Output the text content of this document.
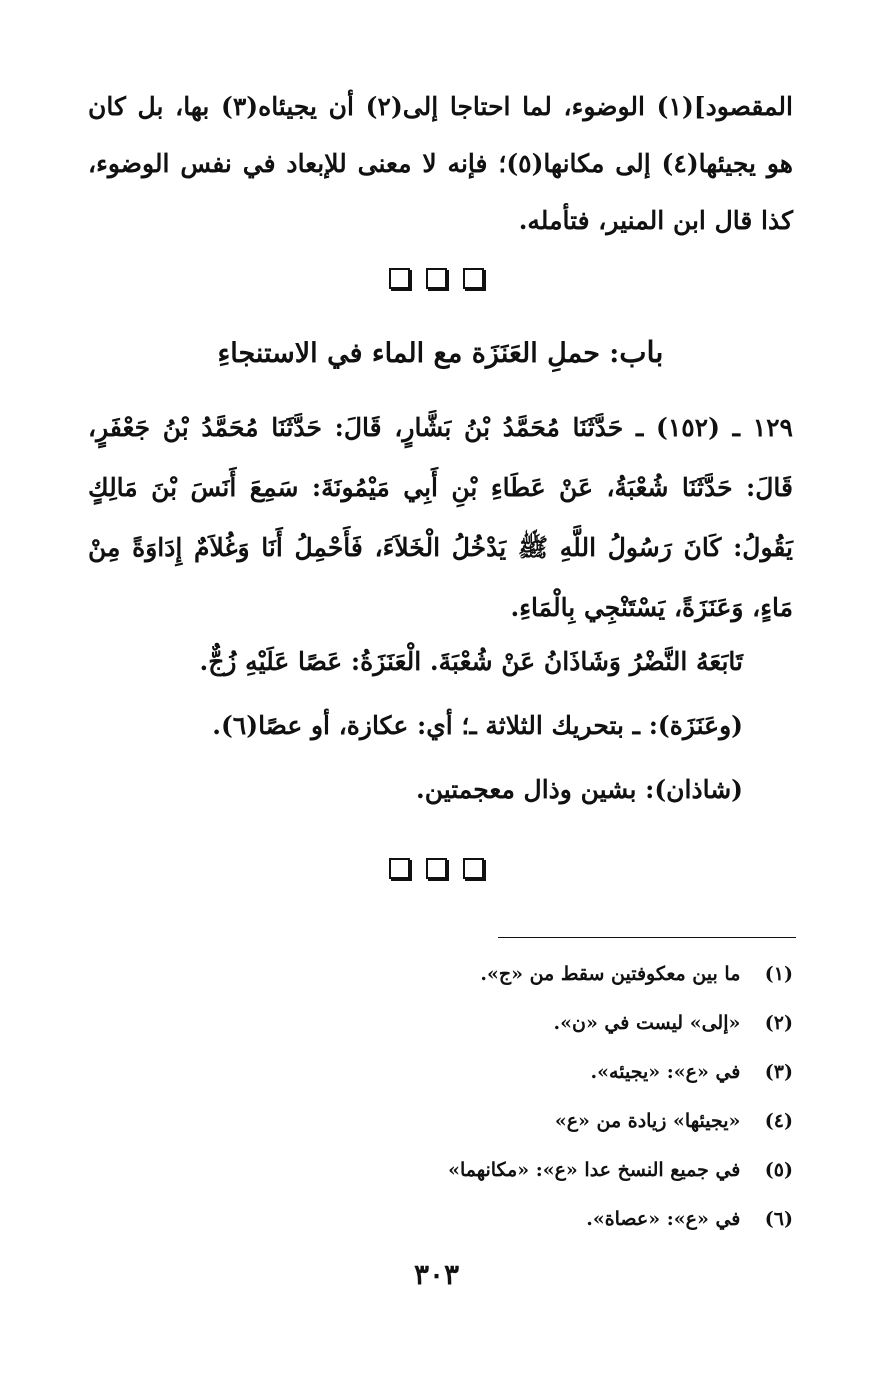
المقصود](١) الوضوء، لما احتاجا إلى(٢) أن يجيئاه(٣) بها، بل كان هو يجيئها(٤) إلى مكانها(٥)؛ فإنه لا معنى للإبعاد في نفس الوضوء، كذا قال ابن المنير، فتأمله.
باب: حملِ العَنَزَة مع الماء في الاستنجاءِ
١٢٩ ـ (١٥٢) ـ حَدَّثَنَا مُحَمَّدُ بْنُ بَشَّارٍ، قَالَ: حَدَّثَنَا مُحَمَّدُ بْنُ جَعْفَرٍ، قَالَ: حَدَّثَنَا شُعْبَةُ، عَنْ عَطَاءِ بْنِ أَبِي مَيْمُونَةَ: سَمِعَ أَنَسَ بْنَ مَالِكٍ يَقُولُ: كَانَ رَسُولُ اللَّهِ ﷺ يَدْخُلُ الْخَلاَءَ، فَأَحْمِلُ أَنَا وَغُلاَمٌ إِدَاوَةً مِنْ مَاءٍ، وَعَنَزَةً، يَسْتَنْجِي بِالْمَاءِ.

تَابَعَهُ النَّضْرُ وَشَاذَانُ عَنْ شُعْبَةَ. الْعَنَزَةُ: عَصًا عَلَيْهِ زُجٌّ.

(وعَنَزَة): ـ بتحريك الثلاثة ـ؛ أي: عكازة، أو عصًا(٦).

(شاذان): بشين وذال معجمتين.

(١) ما بين معكوفتين سقط من «ج».
(٢) «إلى» ليست في «ن».
(٣) في «ع»: «يجيئه».
(٤) «يجيئها» زيادة من «ع»
(٥) في جميع النسخ عدا «ع»: «مكانهما»
(٦) في «ع»: «عصاة».
٣٠٣
